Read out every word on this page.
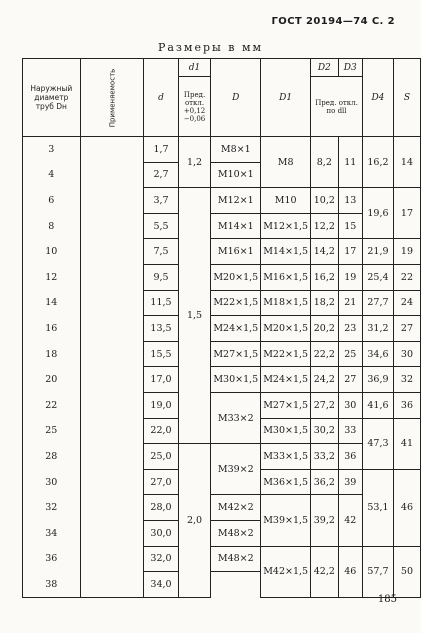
ГОСТ 20194—74 С. 2
Размеры в мм
Наружный диаметр труб Dн	Применяемость	d	d1	D	D1	D2	D3	D4	S
			Пред. откл. +0,12 −0,06			Пред. откл. по dll			
3		1,7	1,2	M8×1	M8	8,2	11	16,2	14
4		2,7		M10×1					
6		3,7	1,5	M12×1	M10	10,2	13	19,6	17
8		5,5		M14×1	M12×1,5	12,2	15		
10		7,5		M16×1	M14×1,5	14,2	17	21,9	19
12		9,5		M20×1,5	M16×1,5	16,2	19	25,4	22
14		11,5		M22×1,5	M18×1,5	18,2	21	27,7	24
16		13,5		M24×1,5	M20×1,5	20,2	23	31,2	27
18		15,5		M27×1,5	M22×1,5	22,2	25	34,6	30
20		17,0		M30×1,5	M24×1,5	24,2	27	36,9	32
22		19,0		M33×2	M27×1,5	27,2	30	41,6	36
25		22,0			M30×1,5	30,2	33	47,3	41
28		25,0	2,0	M39×2	M33×1,5	33,2	36		
30		27,0			M36×1,5	36,2	39	53,1	46
32		28,0		M42×2	M39×1,5	39,2	42		
34		30,0		M48×2					
36		32,0		M48×2	M42×1,5	42,2	46	57,7	50
38		34,0							
185
